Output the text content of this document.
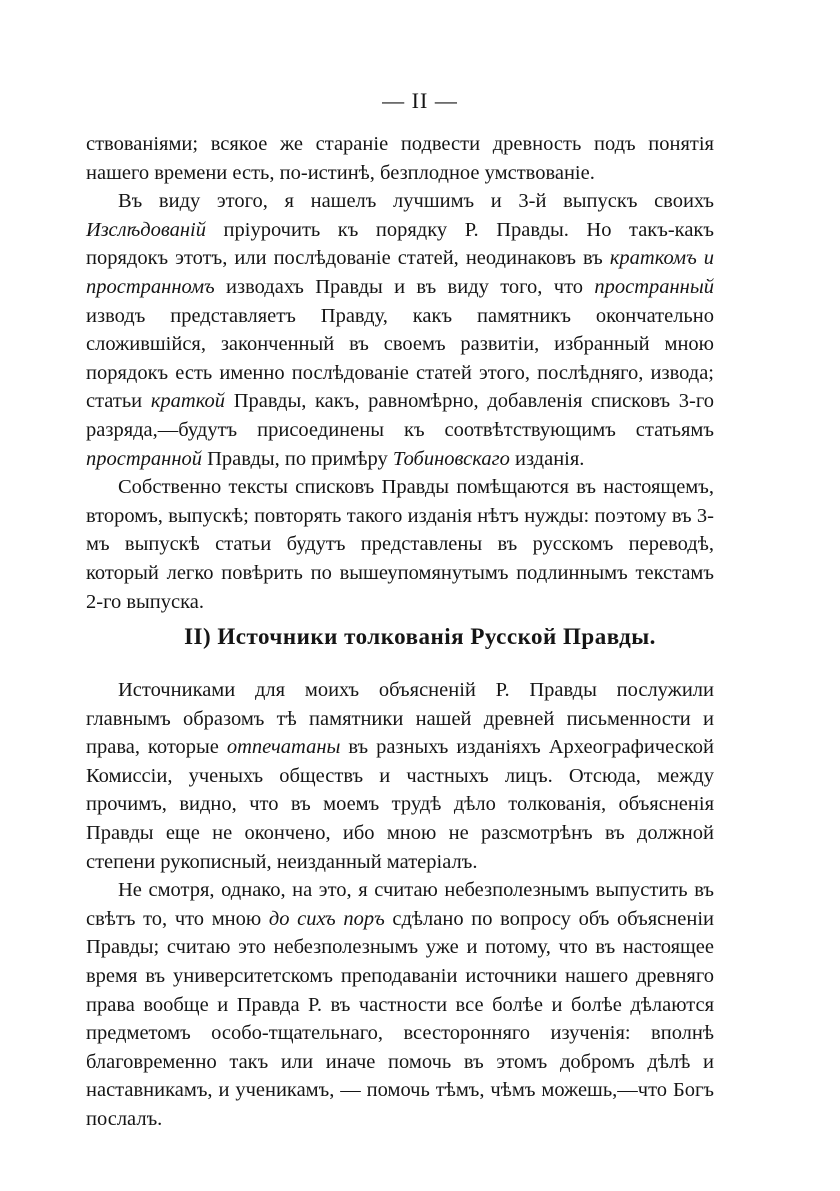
— II —

ствованіями; всякое же стараніе подвести древность подъ понятія нашего времени есть, по-истинѣ, безплодное умствованіе.

Въ виду этого, я нашелъ лучшимъ и 3-й выпускъ своихъ Изслѣдованій пріурочить къ порядку Р. Правды. Но такъ-какъ порядокъ этотъ, или послѣдованіе статей, неодинаковъ въ краткомъ и пространномъ изводахъ Правды и въ виду того, что пространный изводъ представляетъ Правду, какъ памятникъ окончательно сложившійся, законченный въ своемъ развитіи, избранный мною порядокъ есть именно послѣдованіе статей этого, послѣдняго, извода; статьи краткой Правды, какъ, равномѣрно, добавленія списковъ 3-го разряда,—будутъ присоединены къ соотвѣтствующимъ статьямъ пространной Правды, по примѣру Тобиновскаго изданія.

Собственно тексты списковъ Правды помѣщаются въ настоящемъ, второмъ, выпускѣ; повторять такого изданія нѣтъ нужды: поэтому въ 3-мъ выпускѣ статьи будутъ представлены въ русскомъ переводѣ, который легко повѣрить по вышеупомянутымъ подлиннымъ текстамъ 2-го выпуска.

II) Источники толкованія Русской Правды.

Источниками для моихъ объясненій Р. Правды послужили главнымъ образомъ тѣ памятники нашей древней письменности и права, которые отпечатаны въ разныхъ изданіяхъ Археографической Комиссіи, ученыхъ обществъ и частныхъ лицъ. Отсюда, между прочимъ, видно, что въ моемъ трудѣ дѣло толкованія, объясненія Правды еще не окончено, ибо мною не разсмотрѣнъ въ должной степени рукописный, неизданный матеріалъ.

Не смотря, однако, на это, я считаю небезполезнымъ выпустить въ свѣтъ то, что мною до сихъ поръ сдѣлано по вопросу объ объясненіи Правды; считаю это небезполезнымъ уже и потому, что въ настоящее время въ университетскомъ преподаваніи источники нашего древняго права вообще и Правда Р. въ частности все болѣе и болѣе дѣлаются предметомъ особо-тщательнаго, всесторонняго изученія: вполнѣ благовременно такъ или иначе помочь въ этомъ добромъ дѣлѣ и наставникамъ, и ученикамъ, — помочь тѣмъ, чѣмъ можешь,—что Богъ послалъ.
